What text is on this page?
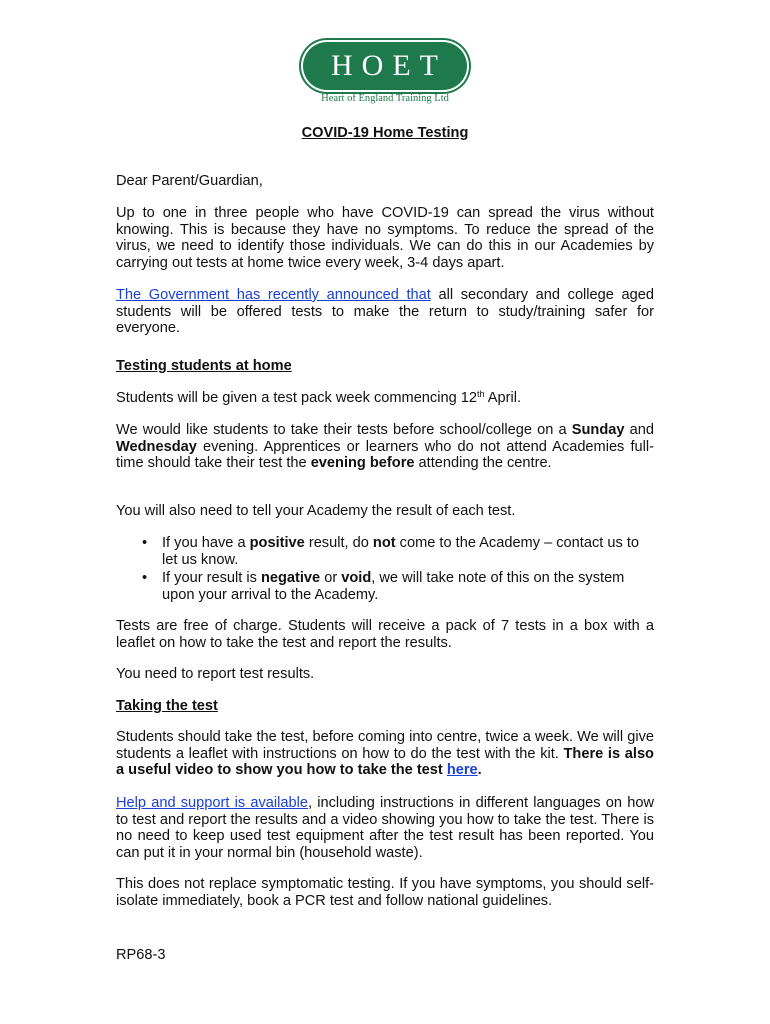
HOET
Heart of England Training Ltd
COVID-19 Home Testing
Dear Parent/Guardian,
Up to one in three people who have COVID-19 can spread the virus without knowing. This is because they have no symptoms. To reduce the spread of the virus, we need to identify those individuals. We can do this in our Academies by carrying out tests at home twice every week, 3-4 days apart.
The Government has recently announced that all secondary and college aged students will be offered tests to make the return to study/training safer for everyone.
Testing students at home
Students will be given a test pack week commencing 12th April.
We would like students to take their tests before school/college on a Sunday and Wednesday evening. Apprentices or learners who do not attend Academies full-time should take their test the evening before attending the centre.
You will also need to tell your Academy the result of each test.
• If you have a positive result, do not come to the Academy – contact us to let us know.
• If your result is negative or void, we will take note of this on the system upon your arrival to the Academy.
Tests are free of charge. Students will receive a pack of 7 tests in a box with a leaflet on how to take the test and report the results.
You need to report test results.
Taking the test
Students should take the test, before coming into centre, twice a week. We will give students a leaflet with instructions on how to do the test with the kit. There is also a useful video to show you how to take the test here.
Help and support is available, including instructions in different languages on how to test and report the results and a video showing you how to take the test. There is no need to keep used test equipment after the test result has been reported. You can put it in your normal bin (household waste).
This does not replace symptomatic testing. If you have symptoms, you should self-isolate immediately, book a PCR test and follow national guidelines.
RP68-3
